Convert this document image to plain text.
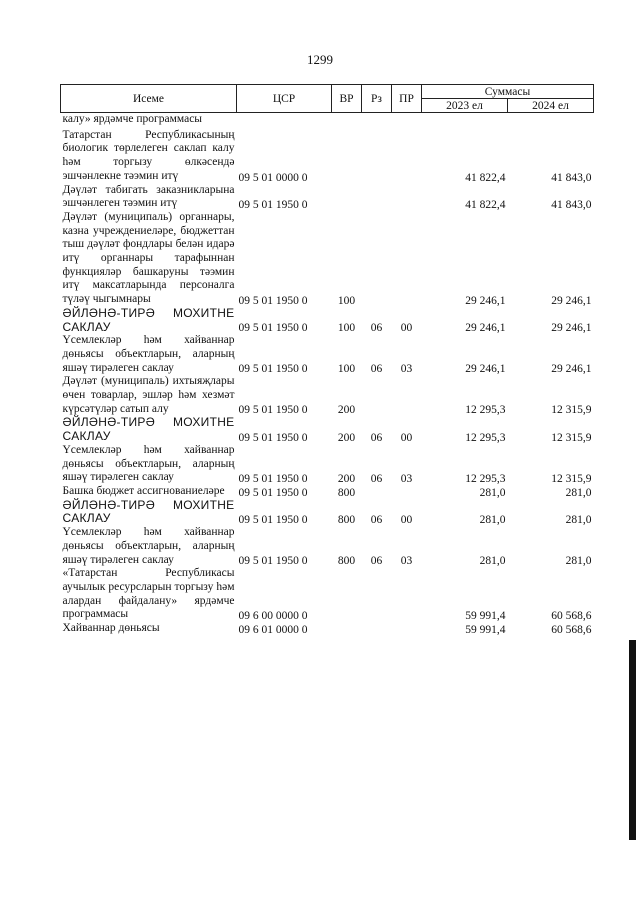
1299
Исеме	ЦСР	ВР	Рз	ПР	Суммасы	
					2023 ел	2024 ел
калу» ярдәмче программасы						
Татарстан Республикасының биологик төрлелеген саклап калу һәм торгызу өлкәсендә эшчәнлекне тәэмин итү	09 5 01 0000 0				41 822,4	41 843,0
Дәүләт табигать заказникларына эшчәнлеген тәэмин итү	09 5 01 1950 0				41 822,4	41 843,0
Дәүләт (муниципаль) органнары, казна учреждениеләре, бюджеттан тыш дәүләт фондлары белән идарә итү органнары тарафыннан функцияләр башкаруны тәэмин итү максатларында персоналга түләү чыгымнары	09 5 01 1950 0	100			29 246,1	29 246,1
ӘЙЛӘНӘ-ТИРӘ МОХИТНЕ САКЛАУ	09 5 01 1950 0	100	06	00	29 246,1	29 246,1
Үсемлекләр һәм хайваннар дөньясы объектларын, аларның яшәү тирәлеген саклау	09 5 01 1950 0	100	06	03	29 246,1	29 246,1
Дәүләт (муниципаль) ихтыяҗлары өчен товарлар, эшләр һәм хезмәт күрсәтүләр сатып алу	09 5 01 1950 0	200			12 295,3	12 315,9
ӘЙЛӘНӘ-ТИРӘ МОХИТНЕ САКЛАУ	09 5 01 1950 0	200	06	00	12 295,3	12 315,9
Үсемлекләр һәм хайваннар дөньясы объектларын, аларның яшәү тирәлеген саклау	09 5 01 1950 0	200	06	03	12 295,3	12 315,9
Башка бюджет ассигнованиеләре	09 5 01 1950 0	800			281,0	281,0
ӘЙЛӘНӘ-ТИРӘ МОХИТНЕ САКЛАУ	09 5 01 1950 0	800	06	00	281,0	281,0
Үсемлекләр һәм хайваннар дөньясы объектларын, аларның яшәү тирәлеген саклау	09 5 01 1950 0	800	06	03	281,0	281,0
«Татарстан Республикасы аучылык ресурсларын торгызу һәм алардан файдалану» ярдәмче программасы	09 6 00 0000 0				59 991,4	60 568,6
Хайваннар дөньясы	09 6 01 0000 0				59 991,4	60 568,6
